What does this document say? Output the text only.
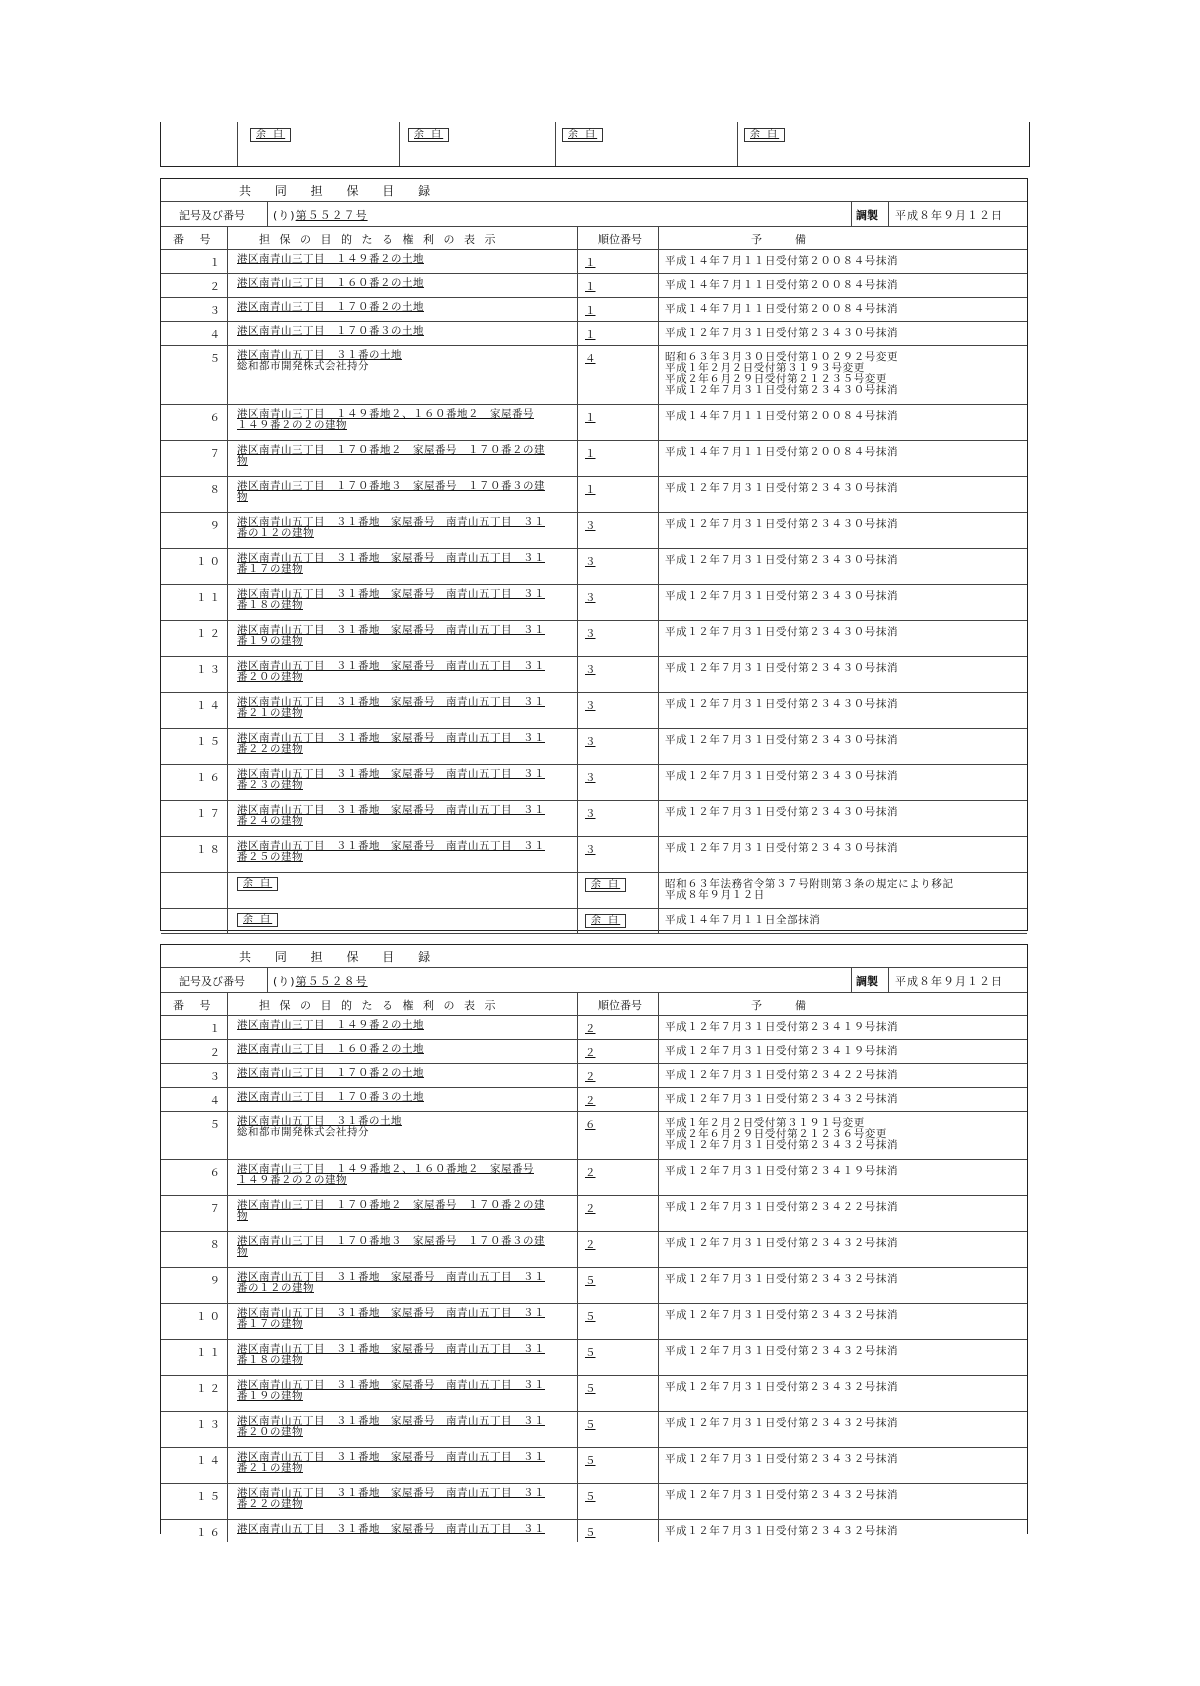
余 白	余 白	余 白	余 白
共 同 担 保 目 録
記号及び番号	(り)第５５２７号	調製 平成８年９月１２日
番 号	担 保 の 目 的 た る 権 利 の 表 示	順位番号	予　　　備
１ 港区南青山三丁目　１４９番２の土地	１	平成１４年７月１１日受付第２００８４号抹消
２ 港区南青山三丁目　１６０番２の土地	１	平成１４年７月１１日受付第２００８４号抹消
３ 港区南青山三丁目　１７０番２の土地	１	平成１４年７月１１日受付第２００８４号抹消
４ 港区南青山三丁目　１７０番３の土地	１	平成１２年７月３１日受付第２３４３０号抹消
５ 港区南青山五丁目　３１番の土地
総和都市開発株式会社持分
４	昭和６３年３月３０日受付第１０２９２号変更
平成１年２月２日受付第３１９３号変更
平成２年６月２９日受付第２１２３５号変更
平成１２年７月３１日受付第２３４３０号抹消
６ 港区南青山三丁目　１４９番地２、１６０番地２　家屋番号
１４９番２の２の建物
１	平成１４年７月１１日受付第２００８４号抹消
７ 港区南青山三丁目　１７０番地２　家屋番号　１７０番２の建
物
１	平成１４年７月１１日受付第２００８４号抹消
８ 港区南青山三丁目　１７０番地３　家屋番号　１７０番３の建
物
１	平成１２年７月３１日受付第２３４３０号抹消
９ 港区南青山五丁目　３１番地　家屋番号　南青山五丁目　３１
番の１２の建物
３	平成１２年７月３１日受付第２３４３０号抹消
１０ 港区南青山五丁目　３１番地　家屋番号　南青山五丁目　３１
番１７の建物
３	平成１２年７月３１日受付第２３４３０号抹消
１１ 港区南青山五丁目　３１番地　家屋番号　南青山五丁目　３１
番１８の建物
３	平成１２年７月３１日受付第２３４３０号抹消
１２ 港区南青山五丁目　３１番地　家屋番号　南青山五丁目　３１
番１９の建物
３	平成１２年７月３１日受付第２３４３０号抹消
１３ 港区南青山五丁目　３１番地　家屋番号　南青山五丁目　３１
番２０の建物
３	平成１２年７月３１日受付第２３４３０号抹消
１４ 港区南青山五丁目　３１番地　家屋番号　南青山五丁目　３１
番２１の建物
３	平成１２年７月３１日受付第２３４３０号抹消
１５ 港区南青山五丁目　３１番地　家屋番号　南青山五丁目　３１
番２２の建物
３	平成１２年７月３１日受付第２３４３０号抹消
１６ 港区南青山五丁目　３１番地　家屋番号　南青山五丁目　３１
番２３の建物
３	平成１２年７月３１日受付第２３４３０号抹消
１７ 港区南青山五丁目　３１番地　家屋番号　南青山五丁目　３１
番２４の建物
３	平成１２年７月３１日受付第２３４３０号抹消
１８ 港区南青山五丁目　３１番地　家屋番号　南青山五丁目　３１
番２５の建物
３	平成１２年７月３１日受付第２３４３０号抹消
余 白	余 白	昭和６３年法務省令第３７号附則第３条の規定により移記
平成８年９月１２日
余 白	余 白	平成１４年７月１１日全部抹消
共 同 担 保 目 録
記号及び番号	(り)第５５２８号	調製 平成８年９月１２日
番 号	担 保 の 目 的 た る 権 利 の 表 示	順位番号	予　　　備
１ 港区南青山三丁目　１４９番２の土地	２	平成１２年７月３１日受付第２３４１９号抹消
２ 港区南青山三丁目　１６０番２の土地	２	平成１２年７月３１日受付第２３４１９号抹消
３ 港区南青山三丁目　１７０番２の土地	２	平成１２年７月３１日受付第２３４２２号抹消
４ 港区南青山三丁目　１７０番３の土地	２	平成１２年７月３１日受付第２３４３２号抹消
５ 港区南青山五丁目　３１番の土地
総和都市開発株式会社持分
６	平成１年２月２日受付第３１９１号変更
平成２年６月２９日受付第２１２３６号変更
平成１２年７月３１日受付第２３４３２号抹消
６ 港区南青山三丁目　１４９番地２、１６０番地２　家屋番号
１４９番２の２の建物
２	平成１２年７月３１日受付第２３４１９号抹消
７ 港区南青山三丁目　１７０番地２　家屋番号　１７０番２の建
物
２	平成１２年７月３１日受付第２３４２２号抹消
８ 港区南青山三丁目　１７０番地３　家屋番号　１７０番３の建
物
２	平成１２年７月３１日受付第２３４３２号抹消
９ 港区南青山五丁目　３１番地　家屋番号　南青山五丁目　３１
番の１２の建物
５	平成１２年７月３１日受付第２３４３２号抹消
１０ 港区南青山五丁目　３１番地　家屋番号　南青山五丁目　３１
番１７の建物
５	平成１２年７月３１日受付第２３４３２号抹消
１１ 港区南青山五丁目　３１番地　家屋番号　南青山五丁目　３１
番１８の建物
５	平成１２年７月３１日受付第２３４３２号抹消
１２ 港区南青山五丁目　３１番地　家屋番号　南青山五丁目　３１
番１９の建物
５	平成１２年７月３１日受付第２３４３２号抹消
１３ 港区南青山五丁目　３１番地　家屋番号　南青山五丁目　３１
番２０の建物
５	平成１２年７月３１日受付第２３４３２号抹消
１４ 港区南青山五丁目　３１番地　家屋番号　南青山五丁目　３１
番２１の建物
５	平成１２年７月３１日受付第２３４３２号抹消
１５ 港区南青山五丁目　３１番地　家屋番号　南青山五丁目　３１
番２２の建物
５	平成１２年７月３１日受付第２３４３２号抹消
１６ 港区南青山五丁目　３１番地　家屋番号　南青山五丁目　３１	５	平成１２年７月３１日受付第２３４３２号抹消
